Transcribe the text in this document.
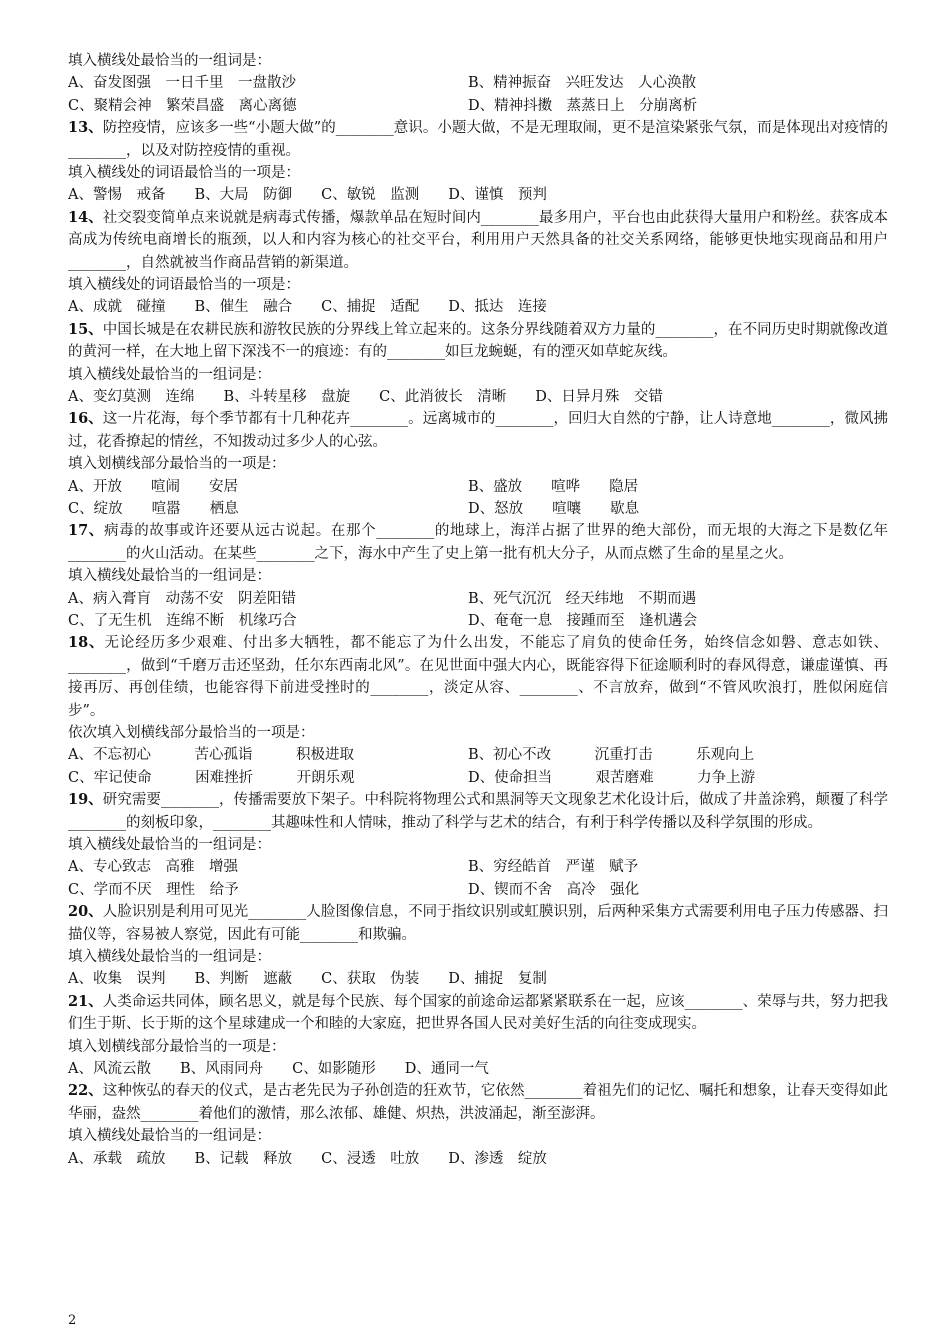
填入横线处最恰当的一组词是：
A、奋发图强　一日千里　一盘散沙	B、精神振奋　兴旺发达　人心涣散
C、聚精会神　繁荣昌盛　离心离德	D、精神抖擞　蒸蒸日上　分崩离析
13、防控疫情，应该多一些“小题大做”的________意识。小题大做，不是无理取闹，更不是渲染紧张气氛，而是体现出对疫情的________，以及对防控疫情的重视。
填入横线处的词语最恰当的一项是：
A、警惕　戒备　　B、大局　防御　　C、敏锐　监测　　D、谨慎　预判
14、社交裂变简单点来说就是病毒式传播，爆款单品在短时间内________最多用户，平台也由此获得大量用户和粉丝。获客成本高成为传统电商增长的瓶颈，以人和内容为核心的社交平台，利用用户天然具备的社交关系网络，能够更快地实现商品和用户________，自然就被当作商品营销的新渠道。
填入横线处的词语最恰当的一项是：
A、成就　碰撞　　B、催生　融合　　C、捕捉　适配　　D、抵达　连接
15、中国长城是在农耕民族和游牧民族的分界线上耸立起来的。这条分界线随着双方力量的________，在不同历史时期就像改道的黄河一样，在大地上留下深浅不一的痕迹：有的________如巨龙蜿蜒，有的湮灭如草蛇灰线。
填入横线处最恰当的一组词是：
A、变幻莫测　连绵　　B、斗转星移　盘旋　　C、此消彼长　清晰　　D、日异月殊　交错
16、这一片花海，每个季节都有十几种花卉________。远离城市的________，回归大自然的宁静，让人诗意地________，微风拂过，花香撩起的情丝，不知拨动过多少人的心弦。
填入划横线部分最恰当的一项是：
A、开放　　喧闹　　安居	B、盛放　　喧哗　　隐居
C、绽放　　喧嚣　　栖息	D、怒放　　喧嚷　　歇息
17、病毒的故事或许还要从远古说起。在那个________的地球上，海洋占据了世界的绝大部份，而无垠的大海之下是数亿年________的火山活动。在某些________之下，海水中产生了史上第一批有机大分子，从而点燃了生命的星星之火。
填入横线处最恰当的一组词是：
A、病入膏肓　动荡不安　阴差阳错	B、死气沉沉　经天纬地　不期而遇
C、了无生机　连绵不断　机缘巧合	D、奄奄一息　接踵而至　逢机遘会
18、无论经历多少艰难、付出多大牺牲，都不能忘了为什么出发，不能忘了肩负的使命任务，始终信念如磐、意志如铁、________，做到“千磨万击还坚劲，任尔东西南北风”。在见世面中强大内心，既能容得下征途顺利时的春风得意，谦虚谨慎、再接再厉、再创佳绩，也能容得下前进受挫时的________，淡定从容、________、不言放弃，做到“不管风吹浪打，胜似闲庭信步”。
依次填入划横线部分最恰当的一项是：
A、不忘初心　　　苦心孤诣　　　积极进取	B、初心不改　　　沉重打击　　　乐观向上
C、牢记使命　　　困难挫折　　　开朗乐观	D、使命担当　　　艰苦磨难　　　力争上游
19、研究需要________，传播需要放下架子。中科院将物理公式和黑洞等天文现象艺术化设计后，做成了井盖涂鸦，颠覆了科学________的刻板印象，________其趣味性和人情味，推动了科学与艺术的结合，有利于科学传播以及科学氛围的形成。
填入横线处最恰当的一组词是：
A、专心致志　高雅　增强	B、穷经皓首　严谨　赋予
C、学而不厌　理性　给予	D、锲而不舍　高冷　强化
20、人脸识别是利用可见光________人脸图像信息，不同于指纹识别或虹膜识别，后两种采集方式需要利用电子压力传感器、扫描仪等，容易被人察觉，因此有可能________和欺骗。
填入横线处最恰当的一组词是：
A、收集　误判　　B、判断　遮蔽　　C、获取　伪装　　D、捕捉　复制
21、人类命运共同体，顾名思义，就是每个民族、每个国家的前途命运都紧紧联系在一起，应该________、荣辱与共，努力把我们生于斯、长于斯的这个星球建成一个和睦的大家庭，把世界各国人民对美好生活的向往变成现实。
填入划横线部分最恰当的一项是：
A、风流云散　　B、风雨同舟　　C、如影随形　　D、通同一气
22、这种恢弘的春天的仪式，是古老先民为子孙创造的狂欢节，它依然________着祖先们的记忆、嘱托和想象，让春天变得如此华丽，盎然________着他们的激情，那么浓郁、雄健、炽热，洪波涌起，渐至澎湃。
填入横线处最恰当的一组词是：
A、承载　疏放　　B、记载　释放　　C、浸透　吐放　　D、渗透　绽放
2
